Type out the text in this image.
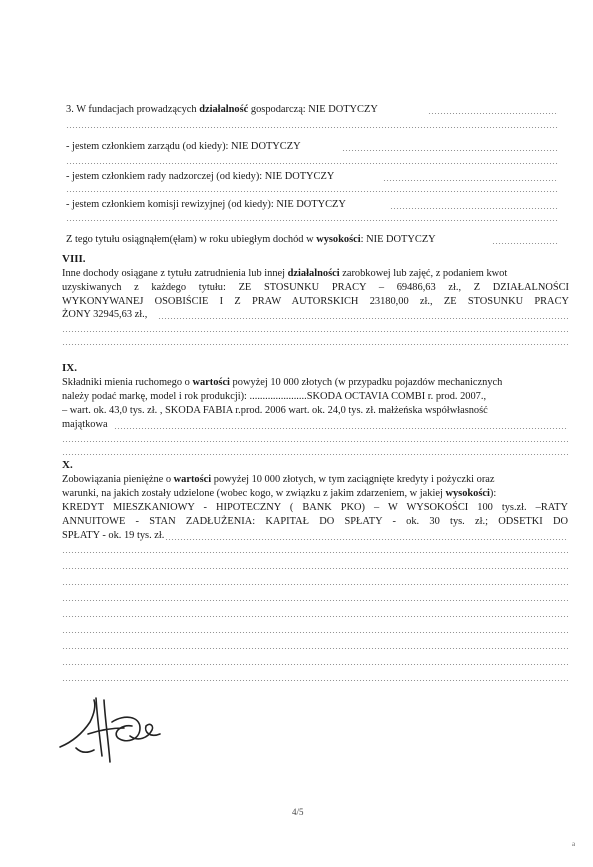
3. W fundacjach prowadzących działalność gospodarczą: NIE DOTYCZY
- jestem członkiem zarządu (od kiedy): NIE DOTYCZY
- jestem członkiem rady nadzorczej (od kiedy): NIE DOTYCZY
- jestem członkiem komisji rewizyjnej (od kiedy): NIE DOTYCZY
Z tego tytułu osiągnąłem(ęłam) w roku ubiegłym dochód w wysokości: NIE DOTYCZY
VIII.
Inne dochody osiągane z tytułu zatrudnienia lub innej działalności zarobkowej lub zajęć, z podaniem kwot
uzyskiwanych z każdego tytułu: ZE STOSUNKU PRACY – 69486,63 zł., Z DZIAŁALNOŚCI
WYKONYWANEJ OSOBIŚCIE I Z PRAW AUTORSKICH 23180,00 zł., ZE STOSUNKU PRACY
ŻONY 32945,63 zł.,
IX.
Składniki mienia ruchomego o wartości powyżej 10 000 złotych (w przypadku pojazdów mechanicznych
należy podać markę, model i rok produkcji): ......................SKODA OCTAVIA COMBI r. prod. 2007.,
– wart. ok. 43,0 tys. zł. , SKODA FABIA r.prod. 2006 wart. ok. 24,0 tys. zł. małżeńska współwłasność
majątkowa
X.
Zobowiązania pieniężne o wartości powyżej 10 000 złotych, w tym zaciągnięte kredyty i pożyczki oraz
warunki, na jakich zostały udzielone (wobec kogo, w związku z jakim zdarzeniem, w jakiej wysokości):
KREDYT MIESZKANIOWY - HIPOTECZNY ( BANK PKO) – W WYSOKOŚCI 100 tys.zł. –RATY
ANNUITOWE - STAN ZADŁUŻENIA: KAPITAŁ DO SPŁATY - ok. 30 tys. zł.; ODSETKI DO
SPŁATY - ok. 19 tys. zł.
4/5
a
